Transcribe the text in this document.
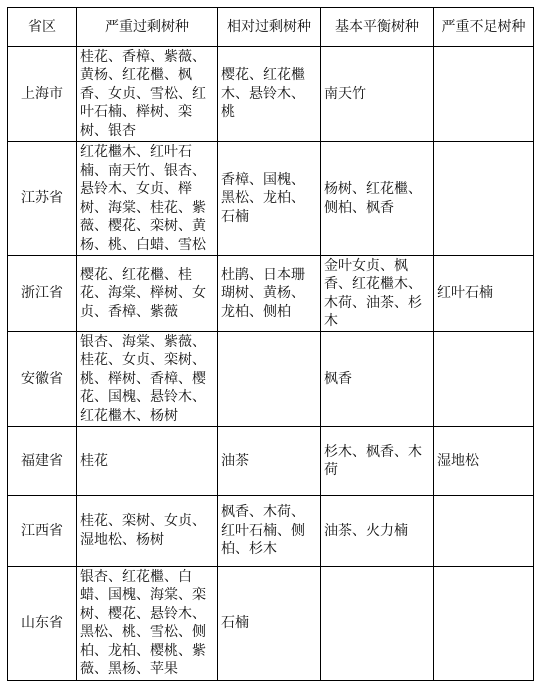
省区	严重过剩树种	相对过剩树种	基本平衡树种	严重不足树种
上海市	桂花、香樟、紫薇、黄杨、红花檵、枫香、女贞、雪松、红叶石楠、榉树、栾树、银杏	樱花、红花檵木、悬铃木、桃	南天竹	
江苏省	红花檵木、红叶石楠、南天竹、银杏、悬铃木、女贞、榉树、海棠、桂花、紫薇、樱花、栾树、黄杨、桃、白蜡、雪松	香樟、国槐、黑松、龙柏、石楠	杨树、红花檵、侧柏、枫香	
浙江省	樱花、红花檵、桂花、海棠、榉树、女贞、香樟、紫薇	杜鹃、日本珊瑚树、黄杨、龙柏、侧柏	金叶女贞、枫香、红花檵木、木荷、油茶、杉木	红叶石楠
安徽省	银杏、海棠、紫薇、桂花、女贞、栾树、桃、榉树、香樟、樱花、国槐、悬铃木、红花檵木、杨树		枫香	
福建省	桂花	油茶	杉木、枫香、木荷	湿地松
江西省	桂花、栾树、女贞、湿地松、杨树	枫香、木荷、红叶石楠、侧柏、杉木	油茶、火力楠	
山东省	银杏、红花檵、白蜡、国槐、海棠、栾树、樱花、悬铃木、黑松、桃、雪松、侧柏、龙柏、樱桃、紫薇、黑杨、苹果	石楠		
